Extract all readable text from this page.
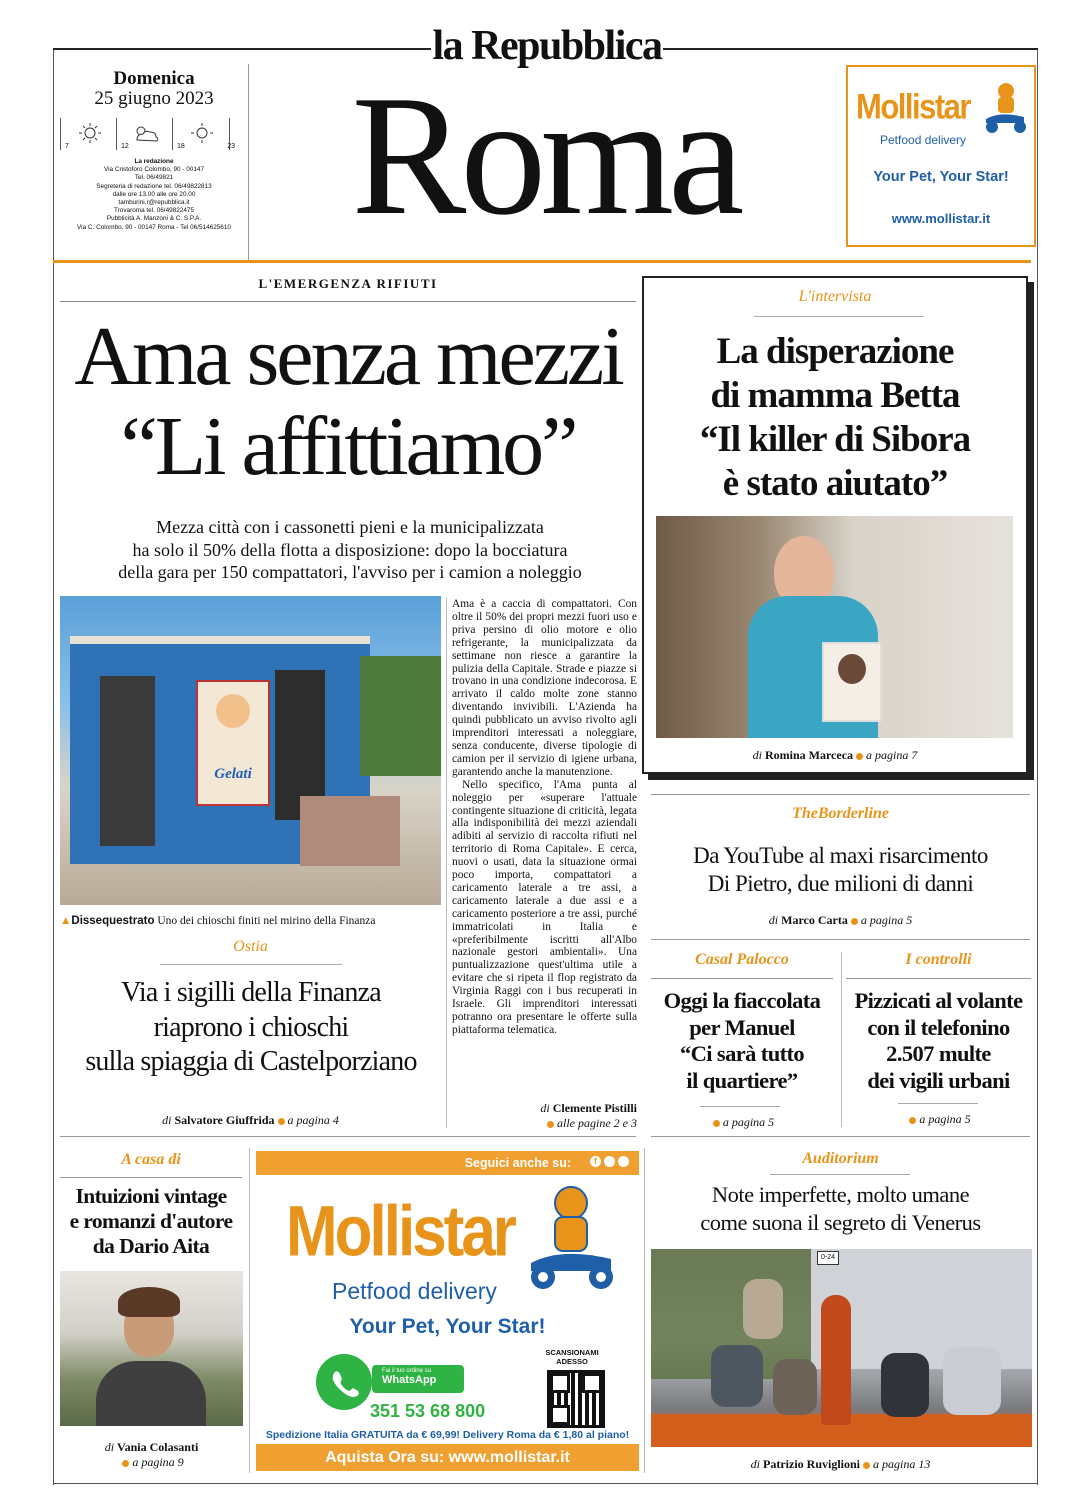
la Repubblica
Domenica
25 giugno 2023
7	12	18	23
La redazione
Via Cristoforo Colombo, 90 - 00147
Tel. 06/49821
Segreteria di redazione tel. 06/49822813
dalle ore 13.00 alle ore 20.00
tamburini.r@repubblica.it
Trovaroma tel. 06/49822475
Pubblicità A. Manzoni & C. S.P.A.
Via C. Colombo, 90 - 00147 Roma - Tel 06/514625610 Roma	Mollistar
Petfood delivery
Your Pet, Your Star!
www.mollistar.it
L'EMERGENZA RIFIUTI
Ama senza mezzi
“Li affittiamo”
Mezza città con i cassonetti pieni e la municipalizzata
ha solo il 50% della flotta a disposizione: dopo la bocciatura
della gara per 150 compattatori, l'avviso per i camion a noleggio
Gelati
▲Dissequestrato Uno dei chioschi finiti nel mirino della Finanza

Ama è a caccia di compattatori. Con oltre il 50% dei propri mezzi fuori uso e priva persino di olio motore e olio refrigerante, la municipalizzata da settimane non riesce a garantire la pulizia della Capitale. Strade e piazze si trovano in una condizione indecorosa. E arrivato il caldo molte zone stanno diventando invivibili. L'Azienda ha quindi pubblicato un avviso rivolto agli imprenditori interessati a noleggiare, senza conducente, diverse tipologie di camion per il servizio di igiene urbana, garantendo anche la manutenzione.

Nello specifico, l'Ama punta al noleggio per «superare l'attuale contingente situazione di criticità, legata alla indisponibilità dei mezzi aziendali adibiti al servizio di raccolta rifiuti nel territorio di Roma Capitale». E cerca, nuovi o usati, data la situazione ormai poco importa, compattatori a caricamento laterale a tre assi, a caricamento laterale a due assi e a caricamento posteriore a tre assi, purché immatricolati in Italia e «preferibilmente iscritti all'Albo nazionale gestori ambientali». Una puntualizzazione quest'ultima utile a evitare che si ripeta il flop registrato da Virginia Raggi con i bus recuperati in Israele. Gli imprenditori interessati potranno ora presentare le offerte sulla piattaforma telematica.

di Clemente Pistilli
alle pagine 2 e 3
Ostia
Via i sigilli della Finanza
riaprono i chioschi
sulla spiaggia di Castelporziano
di Salvatore Giuffrida a pagina 4
L'intervista
La disperazione
di mamma Betta
“Il killer di Sibora
è stato aiutato”
di Romina Marceca a pagina 7
TheBorderline
Da YouTube al maxi risarcimento
Di Pietro, due milioni di danni
di Marco Carta a pagina 5
Casal Palocco
Oggi la fiaccolata
per Manuel
“Ci sarà tutto
il quartiere”
a pagina 5
I controlli
Pizzicati al volante
con il telefonino
2.507 multe
dei vigili urbani
a pagina 5
A casa di
Intuizioni vintage
e romanzi d'autore
da Dario Aita
di Vania Colasanti
a pagina 9
Seguici anche su:	f
Mollistar
Petfood delivery
Your Pet, Your Star!
Fai il tuo ordine su
WhatsApp
351 53 68 800
SCANSIONAMI ADESSO
Spedizione Italia GRATUITA da € 69,99! Delivery Roma da € 1,80 al piano!
Aquista Ora su: www.mollistar.it
Auditorium
Note imperfette, molto umane
come suona il segreto di Venerus
0-24
di Patrizio Ruviglioni a pagina 13
